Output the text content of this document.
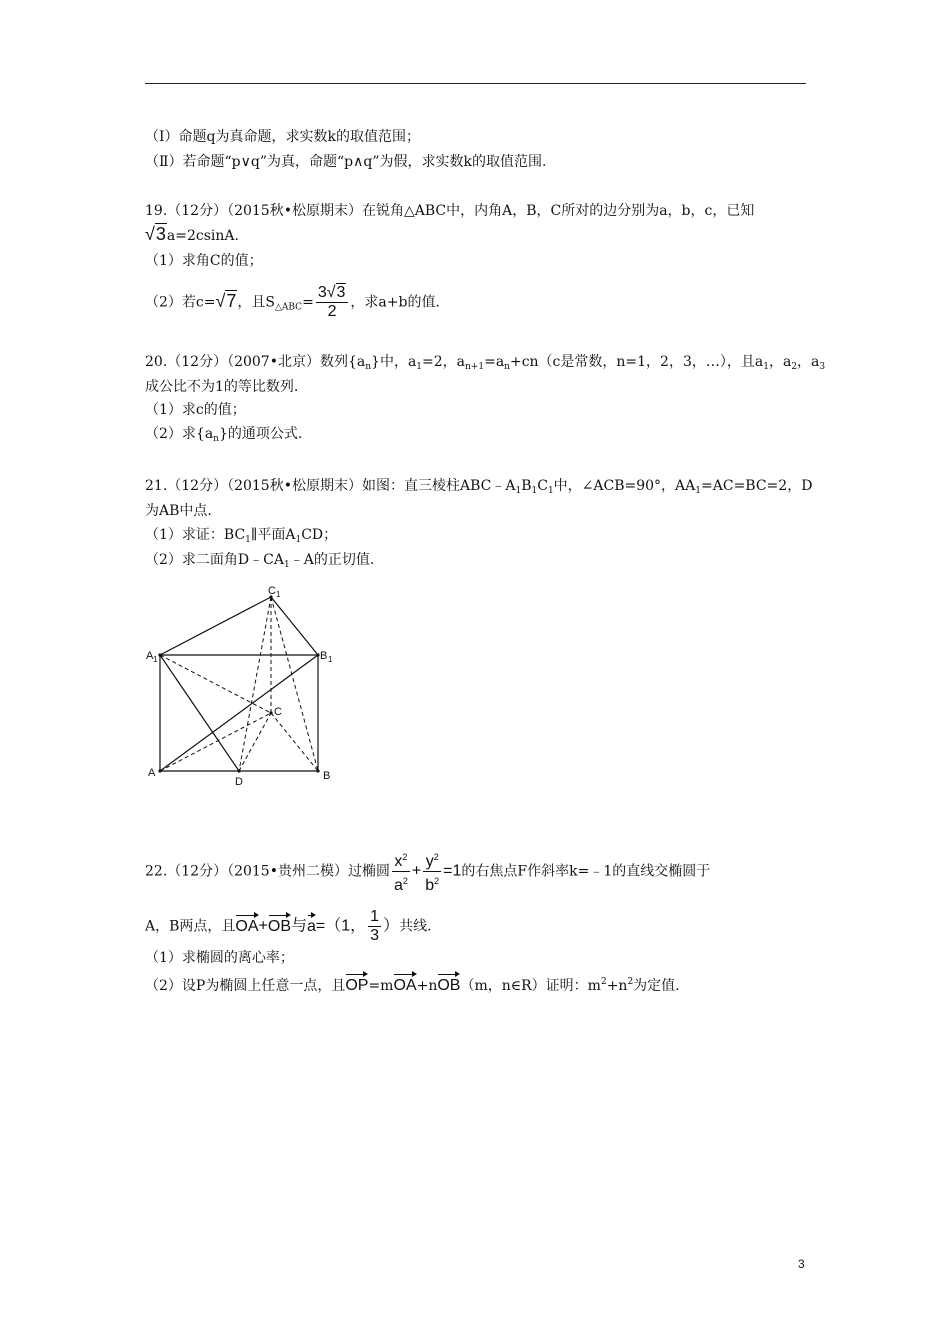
（Ⅰ）命题q为真命题，求实数k的取值范围；
（Ⅱ）若命题“p∨q”为真，命题“p∧q”为假，求实数k的取值范围.
19.（12分）（2015秋•松原期末）在锐角△ABC中，内角A，B，C所对的边分别为a，b，c，已知
√3a=2csinA.
（1）求角C的值；
（2）若c=√7，且$S_{\triangle ABC}= \frac{3√3}{2}$ ，求a+b的值.
20.（12分）（2007•北京）数列$\{a_n\}$中，$a_1=2$，$a_{n+1}=a_n+cn(c$是常数，n=1，2，3，…），且$a_1$，$a_2$，$a_3$
成公比不为1的等比数列.
（1）求c的值；
（2）求$\{a_n\}$的通项公式.
21.（12分）（2015秋•松原期末）如图：直三棱柱$ABC﹣A_1B_1C_1$中，∠ACB=90°，$AA_1=AC=BC=2$，D
为AB中点.
（1）求证：$BC_1\parallel$平面$A_1CD$；
（2）求二面角$D﹣CA_1﹣A$的正切值.
C 1
A 1	B 1
C
A
D	B
22.（12分）（2015•贵州二模）过椭圆 $\frac{x^2}{a^2} + \frac{y^2}{b^2} =1$的右焦点F作斜率k=﹣1的直线交椭圆于
A，B两点，且OA+OB与a=（1， $\frac{1}{3}$ ）共线.
（1）求椭圆的离心率；
（2）设P为椭圆上任意一点，且OP=mOA+nOB（m，n∈R）证明：$m^2+n^2$为定值.
3
